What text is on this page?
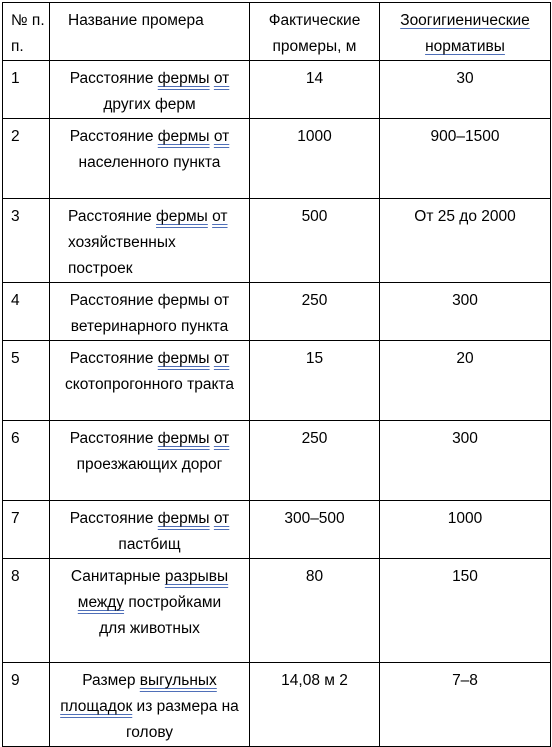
№ п. п.	Название промера	Фактические промеры, м	Зоогигиенические нормативы
1	Расстояние фермы от других ферм	14	30
2	Расстояние фермы от населенного пункта	1000	900–1500
3	Расстояние фермы от хозяйственных построек	500	От 25 до 2000
4	Расстояние фермы от ветеринарного пункта	250	300
5	Расстояние фермы от скотопрогонного тракта	15	20
6	Расстояние фермы от проезжающих дорог	250	300
7	Расстояние фермы от пастбищ	300–500	1000
8	Санитарные разрывы между постройками для животных	80	150
9	Размер выгульных площадок из размера на голову	14,08 м 2	7–8
